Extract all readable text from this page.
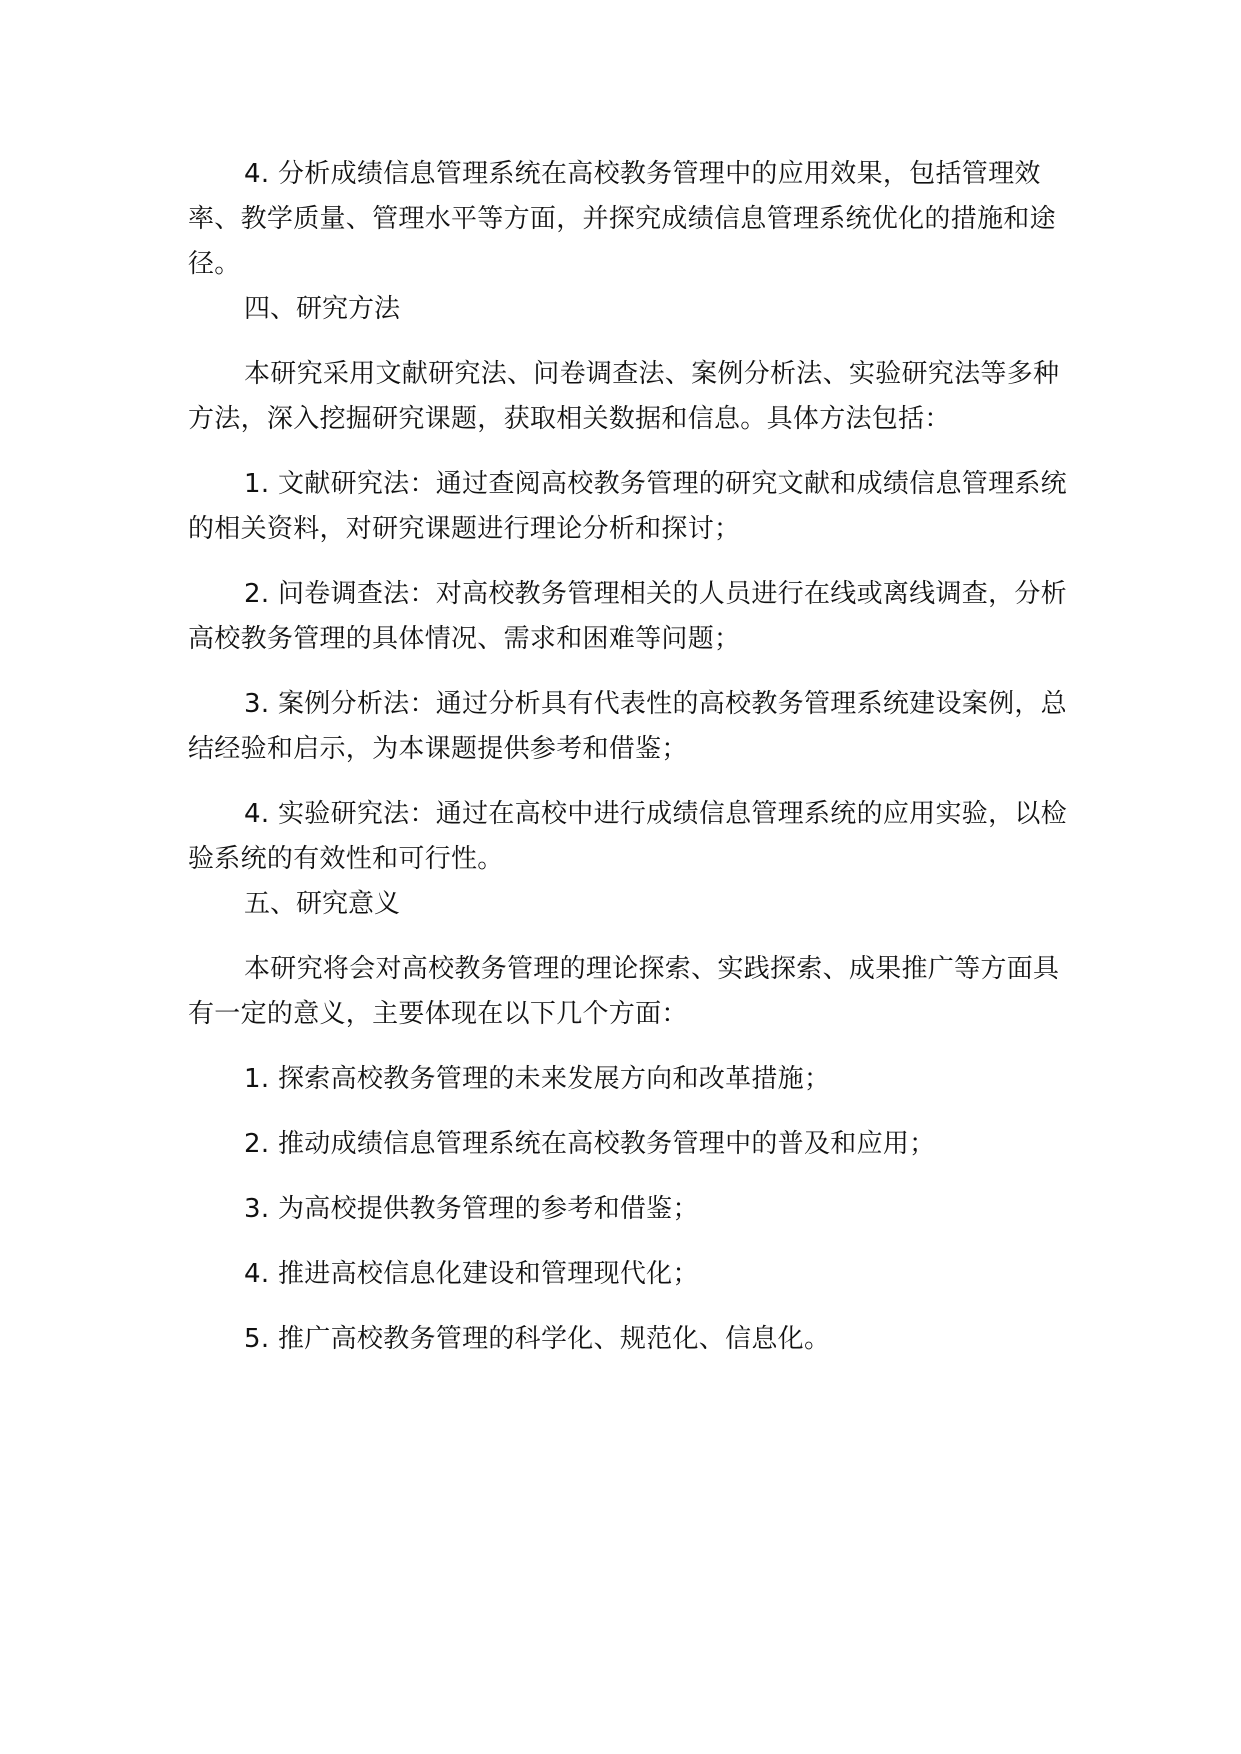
4. 分析成绩信息管理系统在高校教务管理中的应用效果，包括管理效率、教学质量、管理水平等方面，并探究成绩信息管理系统优化的措施和途径。

四、研究方法

本研究采用文献研究法、问卷调查法、案例分析法、实验研究法等多种方法，深入挖掘研究课题，获取相关数据和信息。具体方法包括：

1. 文献研究法：通过查阅高校教务管理的研究文献和成绩信息管理系统的相关资料，对研究课题进行理论分析和探讨；

2. 问卷调查法：对高校教务管理相关的人员进行在线或离线调查，分析高校教务管理的具体情况、需求和困难等问题；

3. 案例分析法：通过分析具有代表性的高校教务管理系统建设案例，总结经验和启示，为本课题提供参考和借鉴；

4. 实验研究法：通过在高校中进行成绩信息管理系统的应用实验，以检验系统的有效性和可行性。

五、研究意义

本研究将会对高校教务管理的理论探索、实践探索、成果推广等方面具有一定的意义，主要体现在以下几个方面：

1. 探索高校教务管理的未来发展方向和改革措施；

2. 推动成绩信息管理系统在高校教务管理中的普及和应用；

3. 为高校提供教务管理的参考和借鉴；

4. 推进高校信息化建设和管理现代化；

5. 推广高校教务管理的科学化、规范化、信息化。
